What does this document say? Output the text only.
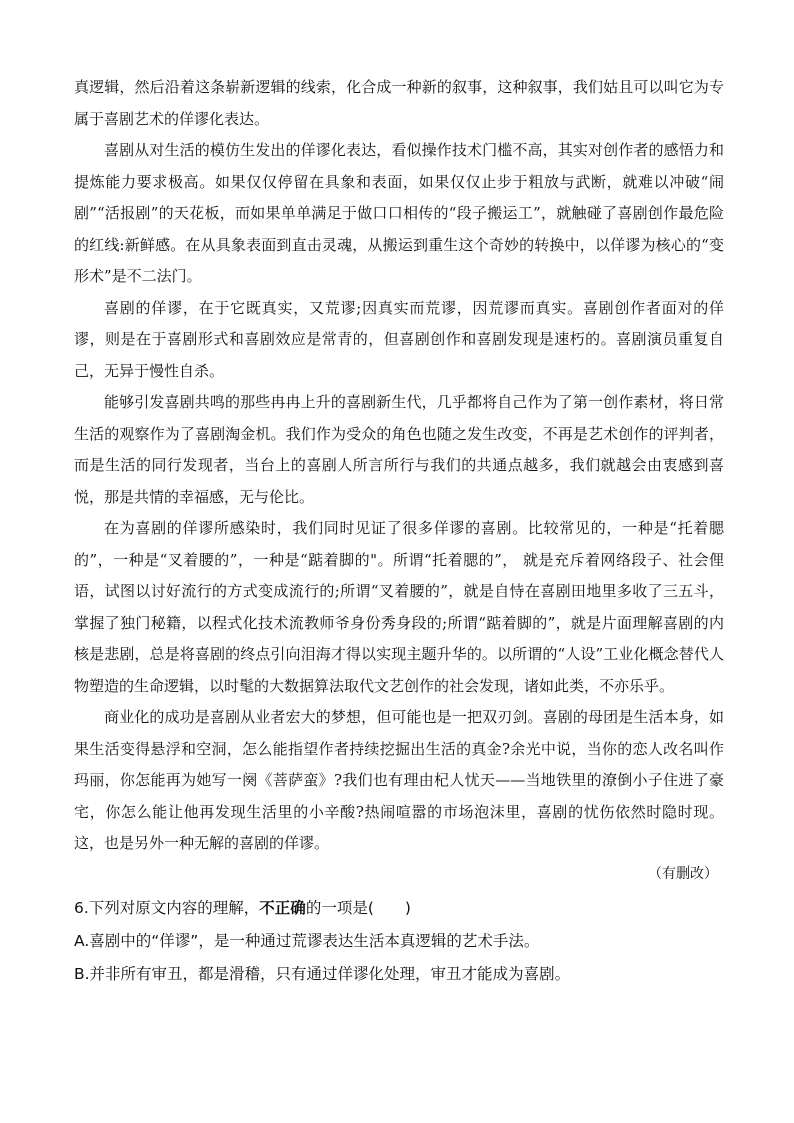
真逻辑，然后沿着这条崭新逻辑的线索，化合成一种新的叙事，这种叙事，我们姑且可以叫它为专属于喜剧艺术的佯谬化表达。

喜剧从对生活的模仿生发出的佯谬化表达，看似操作技术门槛不高，其实对创作者的感悟力和提炼能力要求极高。如果仅仅停留在具象和表面，如果仅仅止步于粗放与武断，就难以冲破“闹剧”“活报剧”的天花板，而如果单单满足于做口口相传的“段子搬运工”，就触碰了喜剧创作最危险的红线:新鲜感。在从具象表面到直击灵魂，从搬运到重生这个奇妙的转换中，以佯谬为核心的“变形术”是不二法门。

喜剧的佯谬，在于它既真实，又荒谬;因真实而荒谬，因荒谬而真实。喜剧创作者面对的佯谬，则是在于喜剧形式和喜剧效应是常青的，但喜剧创作和喜剧发现是速朽的。喜剧演员重复自己，无异于慢性自杀。

能够引发喜剧共鸣的那些冉冉上升的喜剧新生代，几乎都将自己作为了第一创作素材，将日常生活的观察作为了喜剧淘金机。我们作为受众的角色也随之发生改变，不再是艺术创作的评判者，而是生活的同行发现者，当台上的喜剧人所言所行与我们的共通点越多，我们就越会由衷感到喜悦，那是共情的幸福感，无与伦比。

在为喜剧的佯谬所感染时，我们同时见证了很多佯谬的喜剧。比较常见的，一种是“托着腮的”，一种是“叉着腰的”，一种是“踮着脚的"。所谓“托着腮的”， 就是充斥着网络段子、社会俚语，试图以讨好流行的方式变成流行的;所谓“叉着腰的”，就是自恃在喜剧田地里多收了三五斗，掌握了独门秘籍，以程式化技术流教师爷身份秀身段的;所谓“踮着脚的”，就是片面理解喜剧的内核是悲剧，总是将喜剧的终点引向泪海才得以实现主题升华的。以所谓的“人设”工业化概念替代人物塑造的生命逻辑，以时髦的大数据算法取代文艺创作的社会发现，诸如此类，不亦乐乎。

商业化的成功是喜剧从业者宏大的梦想，但可能也是一把双刃剑。喜剧的母团是生活本身，如果生活变得悬浮和空洞，怎么能指望作者持续挖掘出生活的真金?余光中说，当你的恋人改名叫作玛丽，你怎能再为她写一阕《菩萨蛮》?我们也有理由杞人忧天——当地铁里的潦倒小子住进了豪宅，你怎么能让他再发现生活里的小辛酸?热闹喧嚣的市场泡沫里，喜剧的忧伤依然时隐时现。这，也是另外一种无解的喜剧的佯谬。

（有删改）

6.下列对原文内容的理解，不正确的一项是(　　)

A.喜剧中的“佯谬”，是一种通过荒谬表达生活本真逻辑的艺术手法。

B.并非所有审丑，都是滑稽，只有通过佯谬化处理，审丑才能成为喜剧。
